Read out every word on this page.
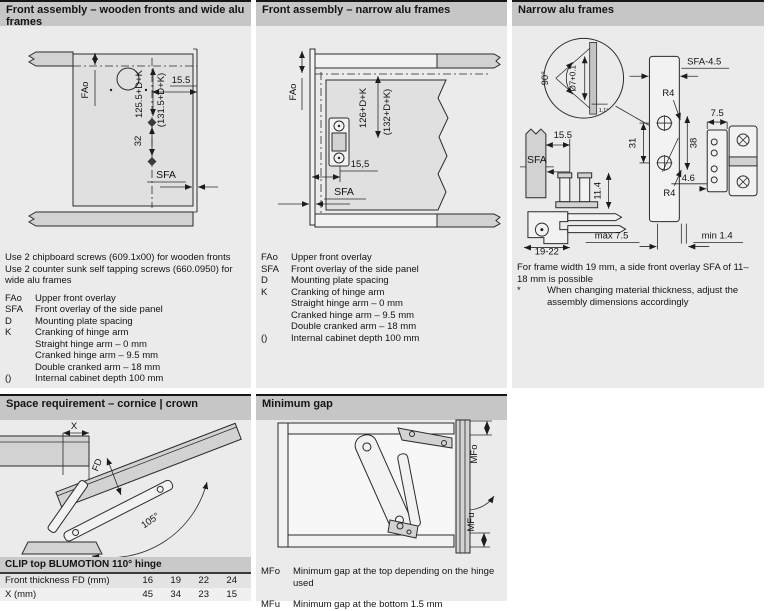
Front assembly – wooden fronts and wide alu frames
FAo	125.5+D+K (131.5+D+K) 15.5
32
SFA
Use 2 chipboard screws (609.1x00) for wooden fronts
Use 2 counter sunk self tapping screws (660.0950) for wide alu frames
FAo	Upper front overlay
SFA	Front overlay of the side panel
D	Mounting plate spacing
K	Cranking of hinge arm
Straight hinge arm – 0 mm
Cranked hinge arm – 9.5 mm
Double cranked arm – 18 mm
()	Internal cabinet depth 100 mm
Front assembly – narrow alu frames
FAo	126+D+K (132+D+K)
15,5
SFA
FAo	Upper front overlay
SFA	Front overlay of the side panel
D	Mounting plate spacing
K	Cranking of hinge arm
Straight hinge arm – 0 mm
Cranked hinge arm – 9.5 mm
Double cranked arm – 18 mm
()	Internal cabinet depth 100 mm
Narrow alu frames
90° Ø7+0.1
1,1°
SFA-4.5
R4
R4
31	38
7.5
4.6
15.5
SFA
11.4
19-22
max 7.5	min 1.4
For frame width 19 mm, a side front overlay SFA of 11–18 mm is possible
*	When changing material thickness, adjust the assembly dimensions accordingly
Space requirement – cornice | crown
X
FD
105°
CLIP top BLUMOTION 110° hinge
Front thickness FD (mm)	16	19	22	24
X (mm)	45	34	23	15
Minimum gap
MFo
MFu
MFo	Minimum gap at the top depending on the hinge used
MFu	Minimum gap at the bottom 1.5 mm
